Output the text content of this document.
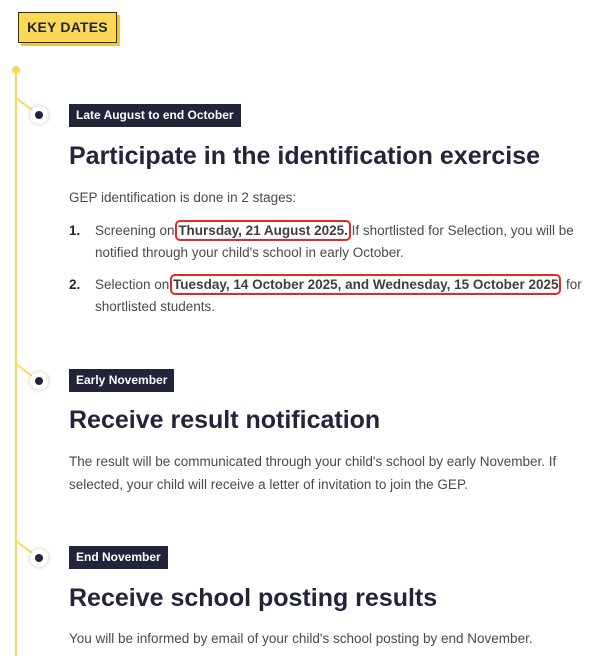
KEY DATES
Late August to end October
Participate in the identification exercise

GEP identification is done in 2 stages:

1. Screening on Thursday, 21 August 2025. If shortlisted for Selection, you will be notified through your child's school in early October.
2. Selection on Tuesday, 14 October 2025, and Wednesday, 15 October 2025, for shortlisted students.
Early November
Receive result notification

The result will be communicated through your child's school by early November. If selected, your child will receive a letter of invitation to join the GEP.

End November
Receive school posting results

You will be informed by email of your child's school posting by end November.
